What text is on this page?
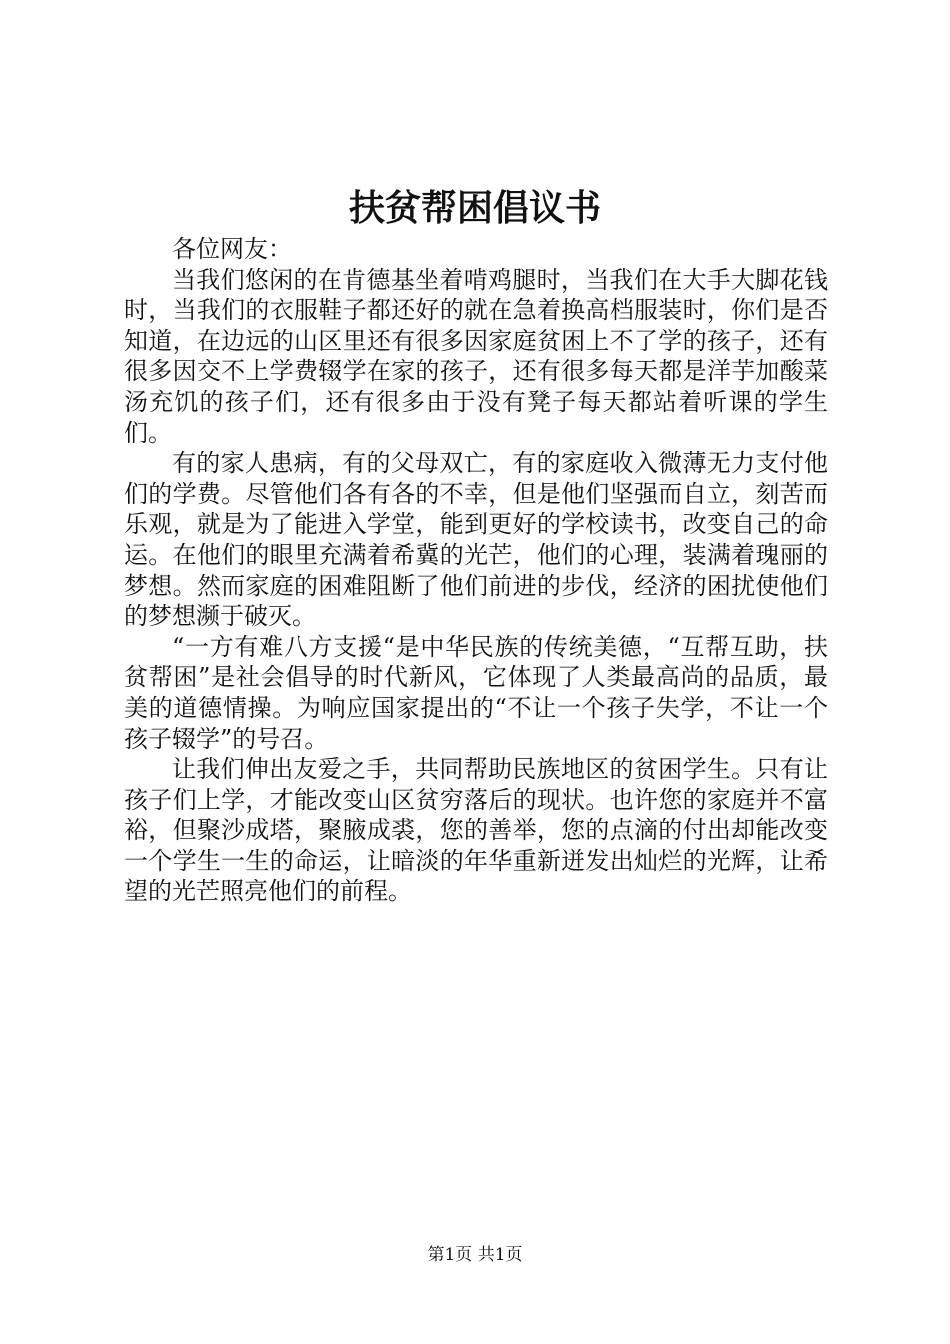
扶贫帮困倡议书

各位网友：

当我们悠闲的在肯德基坐着啃鸡腿时，当我们在大手大脚花钱时，当我们的衣服鞋子都还好的就在急着换高档服装时，你们是否知道，在边远的山区里还有很多因家庭贫困上不了学的孩子，还有很多因交不上学费辍学在家的孩子，还有很多每天都是洋芋加酸菜汤充饥的孩子们，还有很多由于没有凳子每天都站着听课的学生们。

有的家人患病，有的父母双亡，有的家庭收入微薄无力支付他们的学费。尽管他们各有各的不幸，但是他们坚强而自立，刻苦而乐观，就是为了能进入学堂，能到更好的学校读书，改变自己的命运。在他们的眼里充满着希冀的光芒，他们的心理，装满着瑰丽的梦想。然而家庭的困难阻断了他们前进的步伐，经济的困扰使他们的梦想濒于破灭。

“一方有难八方支援“是中华民族的传统美德，“互帮互助，扶贫帮困”是社会倡导的时代新风，它体现了人类最高尚的品质，最美的道德情操。为响应国家提出的“不让一个孩子失学，不让一个孩子辍学”的号召。

让我们伸出友爱之手，共同帮助民族地区的贫困学生。只有让孩子们上学，才能改变山区贫穷落后的现状。也许您的家庭并不富裕，但聚沙成塔，聚腋成裘，您的善举，您的点滴的付出却能改变一个学生一生的命运，让暗淡的年华重新迸发出灿烂的光辉，让希望的光芒照亮他们的前程。

第1页 共1页
